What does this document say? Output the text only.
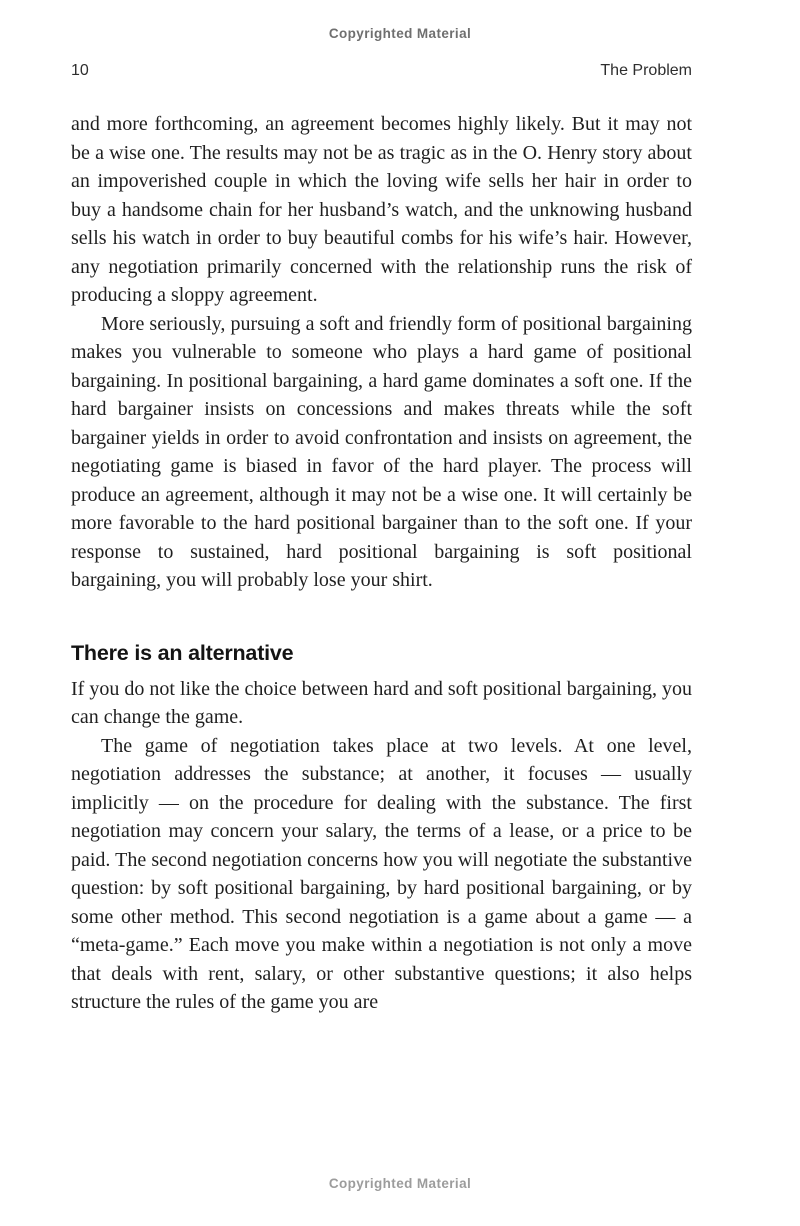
Copyrighted Material
10	The Problem

and more forthcoming, an agreement becomes highly likely. But it may not be a wise one. The results may not be as tragic as in the O. Henry story about an impoverished couple in which the loving wife sells her hair in order to buy a handsome chain for her husband’s watch, and the unknowing husband sells his watch in order to buy beautiful combs for his wife’s hair. However, any negotiation primarily concerned with the relationship runs the risk of producing a sloppy agreement.

More seriously, pursuing a soft and friendly form of positional bargaining makes you vulnerable to someone who plays a hard game of positional bargaining. In positional bargaining, a hard game dominates a soft one. If the hard bargainer insists on concessions and makes threats while the soft bargainer yields in order to avoid confrontation and insists on agreement, the negotiating game is biased in favor of the hard player. The process will produce an agreement, although it may not be a wise one. It will certainly be more favorable to the hard positional bargainer than to the soft one. If your response to sustained, hard positional bargaining is soft positional bargaining, you will probably lose your shirt.

There is an alternative

If you do not like the choice between hard and soft positional bargaining, you can change the game.

The game of negotiation takes place at two levels. At one level, negotiation addresses the substance; at another, it focuses — usually implicitly — on the procedure for dealing with the substance. The first negotiation may concern your salary, the terms of a lease, or a price to be paid. The second negotiation concerns how you will negotiate the substantive question: by soft positional bargaining, by hard positional bargaining, or by some other method. This second negotiation is a game about a game — a “meta-game.” Each move you make within a negotiation is not only a move that deals with rent, salary, or other substantive questions; it also helps structure the rules of the game you are

Copyrighted Material
